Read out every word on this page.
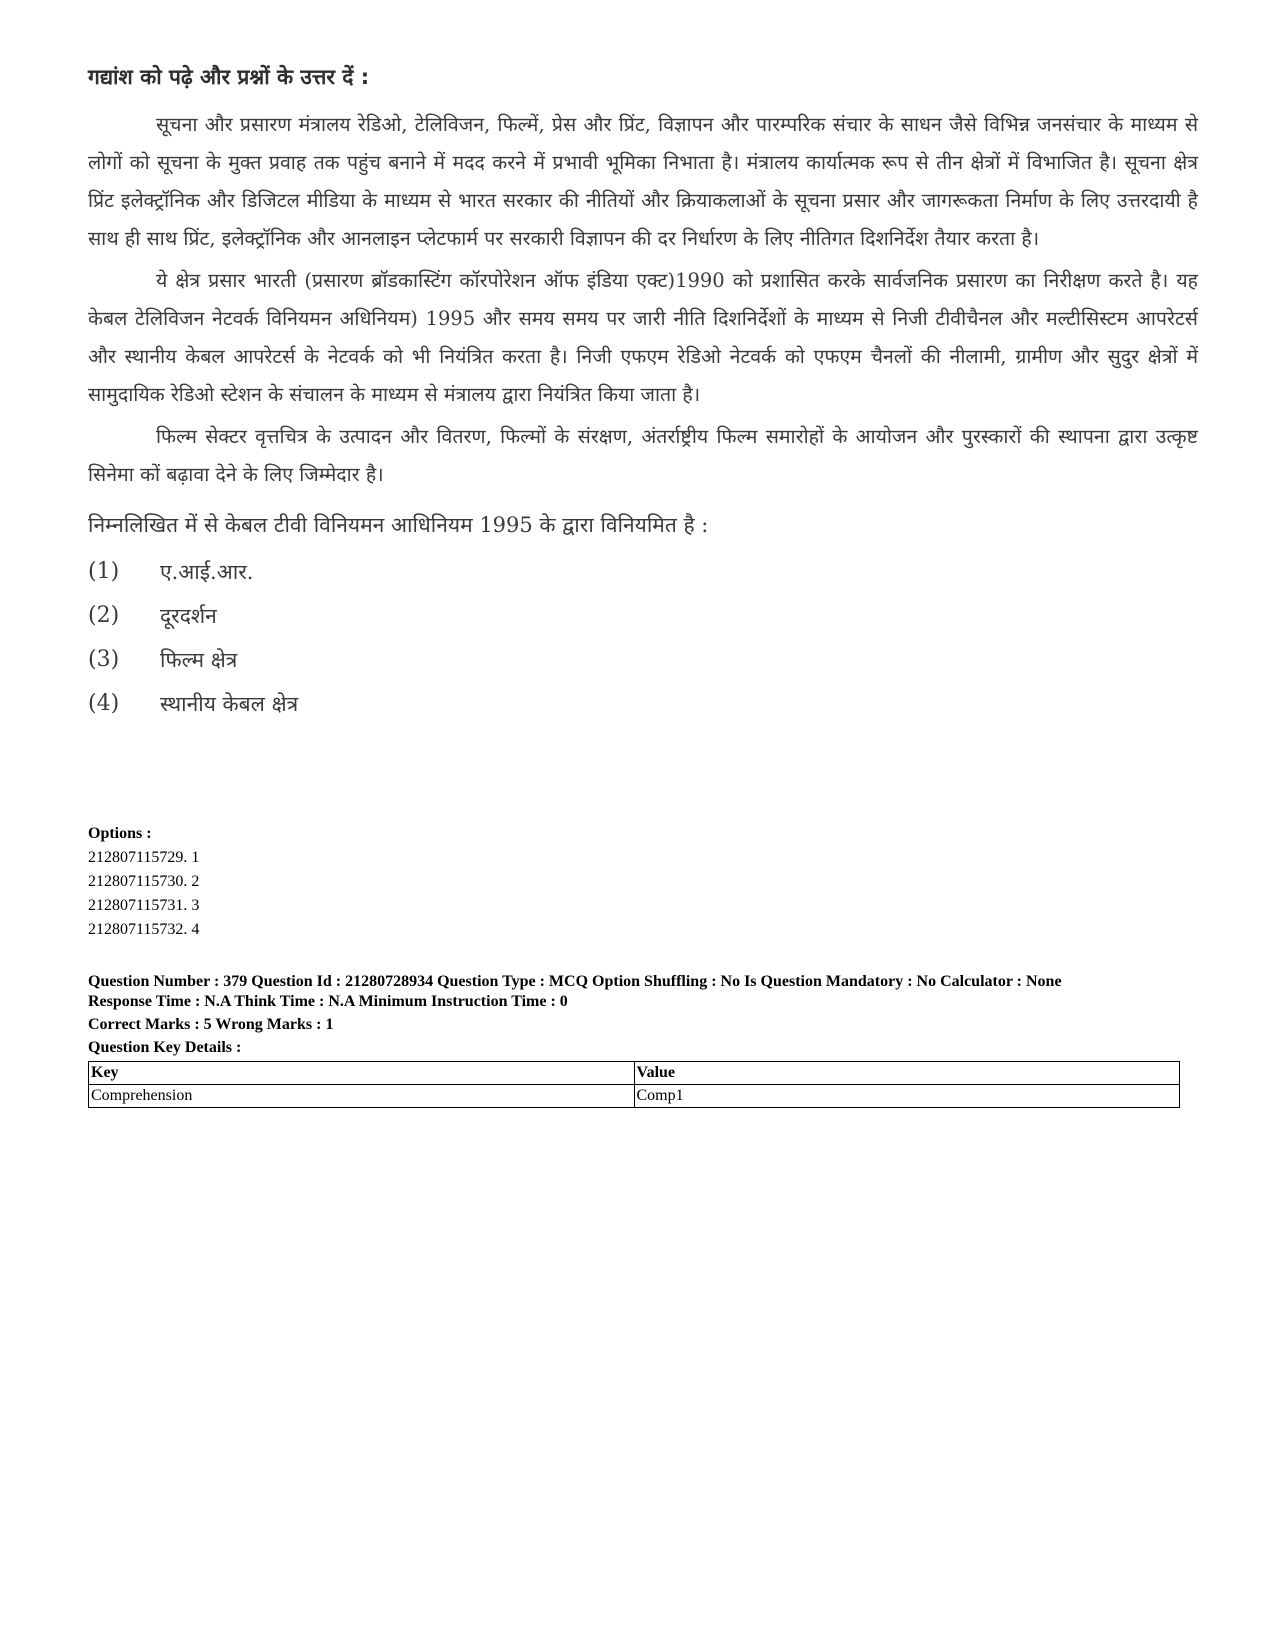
गद्यांश को पढ़े और प्रश्नों के उत्तर दें :

सूचना और प्रसारण मंत्रालय रेडिओ, टेलिविजन, फिल्में, प्रेस और प्रिंट, विज्ञापन और पारम्परिक संचार के साधन जैसे विभिन्न जनसंचार के माध्यम से लोगों को सूचना के मुक्त प्रवाह तक पहुंच बनाने में मदद करने में प्रभावी भूमिका निभाता है। मंत्रालय कार्यात्मक रूप से तीन क्षेत्रों में विभाजित है। सूचना क्षेत्र प्रिंट इलेक्ट्रॉनिक और डिजिटल मीडिया के माध्यम से भारत सरकार की नीतियों और क्रियाकलाओं के सूचना प्रसार और जागरूकता निर्माण के लिए उत्तरदायी है साथ ही साथ प्रिंट, इलेक्ट्रॉनिक और आनलाइन प्लेटफार्म पर सरकारी विज्ञापन की दर निर्धारण के लिए नीतिगत दिशनिर्देश तैयार करता है।

ये क्षेत्र प्रसार भारती (प्रसारण ब्रॉडकास्टिंग कॉरपोरेशन ऑफ इंडिया एक्ट)1990 को प्रशासित करके सार्वजनिक प्रसारण का निरीक्षण करते है। यह केबल टेलिविजन नेटवर्क विनियमन अधिनियम) 1995 और समय समय पर जारी नीति दिशनिर्देशों के माध्यम से निजी टीवीचैनल और मल्टीसिस्टम आपरेटर्स और स्थानीय केबल आपरेटर्स के नेटवर्क को भी नियंत्रित करता है। निजी एफएम रेडिओ नेटवर्क को एफएम चैनलों की नीलामी, ग्रामीण और सुदुर क्षेत्रों में सामुदायिक रेडिओ स्टेशन के संचालन के माध्यम से मंत्रालय द्वारा नियंत्रित किया जाता है।

फिल्म सेक्टर वृत्तचित्र के उत्पादन और वितरण, फिल्मों के संरक्षण, अंतर्राष्ट्रीय फिल्म समारोहों के आयोजन और पुरस्कारों की स्थापना द्वारा उत्कृष्ट सिनेमा कों बढ़ावा देने के लिए जिम्मेदार है।

निम्नलिखित में से केबल टीवी विनियमन आधिनियम 1995 के द्वारा विनियमित है :
(1)	ए.आई.आर.
(2)	दूरदर्शन
(3)	फिल्म क्षेत्र
(4)	स्थानीय केबल क्षेत्र
Options :
212807115729. 1
212807115730. 2
212807115731. 3
212807115732. 4
Question Number : 379 Question Id : 21280728934 Question Type : MCQ Option Shuffling : No Is Question Mandatory : No Calculator : None
Response Time : N.A Think Time : N.A Minimum Instruction Time : 0
Correct Marks : 5 Wrong Marks : 1
Question Key Details :
Key	Value
Comprehension	Comp1
